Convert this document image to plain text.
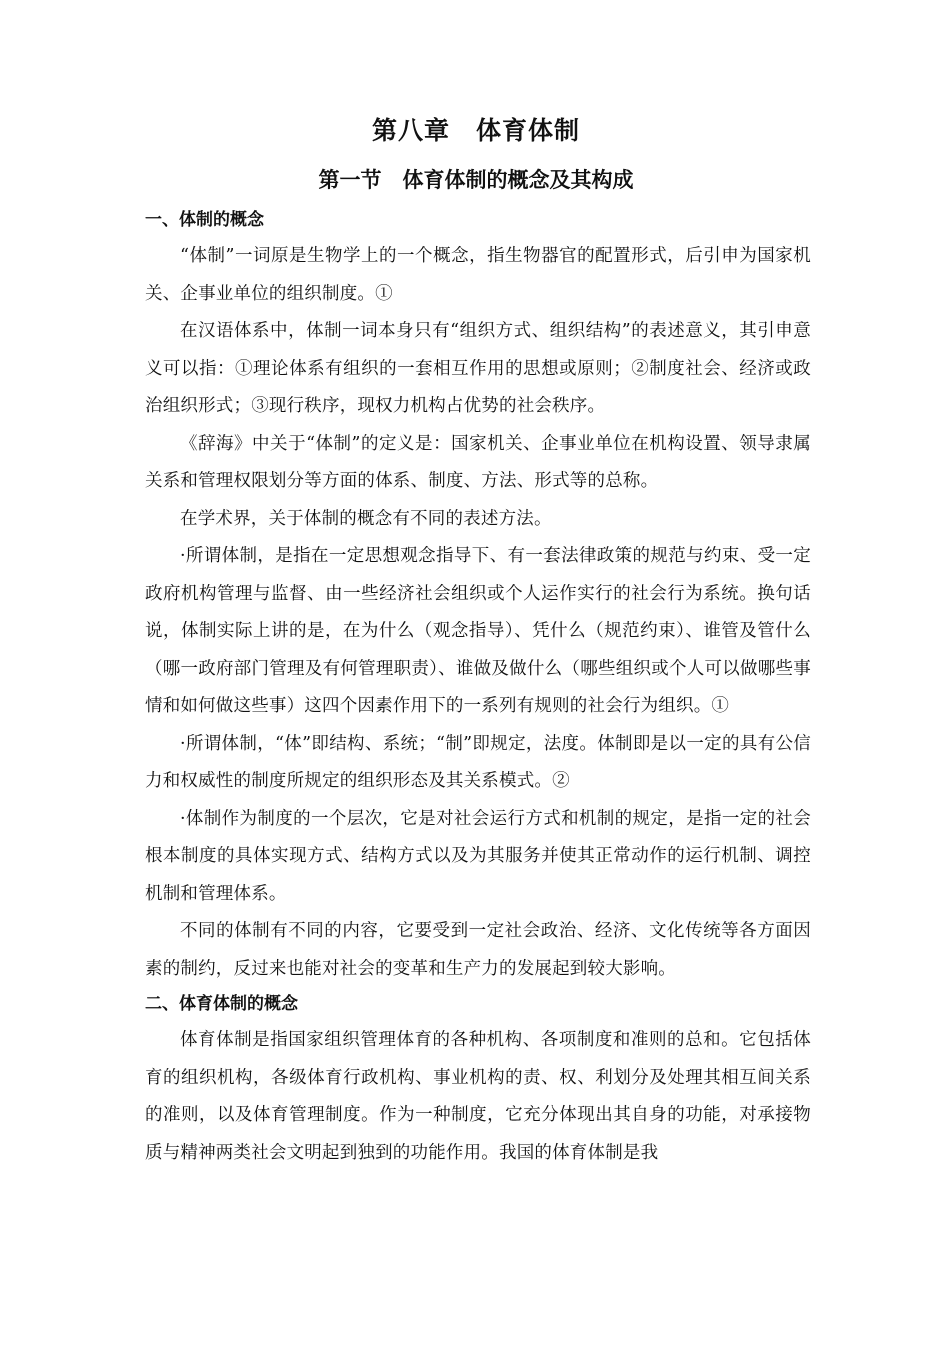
第八章　体育体制
第一节　体育体制的概念及其构成
一、体制的概念

“体制”一词原是生物学上的一个概念，指生物器官的配置形式，后引申为国家机关、企事业单位的组织制度。①

在汉语体系中，体制一词本身只有“组织方式、组织结构”的表述意义，其引申意义可以指：①理论体系有组织的一套相互作用的思想或原则；②制度社会、经济或政治组织形式；③现行秩序，现权力机构占优势的社会秩序。

《辞海》中关于“体制”的定义是：国家机关、企事业单位在机构设置、领导隶属关系和管理权限划分等方面的体系、制度、方法、形式等的总称。

在学术界，关于体制的概念有不同的表述方法。

·所谓体制，是指在一定思想观念指导下、有一套法律政策的规范与约束、受一定政府机构管理与监督、由一些经济社会组织或个人运作实行的社会行为系统。换句话说，体制实际上讲的是，在为什么（观念指导）、凭什么（规范约束）、谁管及管什么（哪一政府部门管理及有何管理职责）、谁做及做什么（哪些组织或个人可以做哪些事情和如何做这些事）这四个因素作用下的一系列有规则的社会行为组织。①

·所谓体制，“体”即结构、系统；“制”即规定，法度。体制即是以一定的具有公信力和权威性的制度所规定的组织形态及其关系模式。②

·体制作为制度的一个层次，它是对社会运行方式和机制的规定，是指一定的社会根本制度的具体实现方式、结构方式以及为其服务并使其正常动作的运行机制、调控机制和管理体系。

不同的体制有不同的内容，它要受到一定社会政治、经济、文化传统等各方面因素的制约，反过来也能对社会的变革和生产力的发展起到较大影响。

二、体育体制的概念

体育体制是指国家组织管理体育的各种机构、各项制度和准则的总和。它包括体育的组织机构，各级体育行政机构、事业机构的责、权、利划分及处理其相互间关系的准则，以及体育管理制度。作为一种制度，它充分体现出其自身的功能，对承接物质与精神两类社会文明起到独到的功能作用。我国的体育体制是我
